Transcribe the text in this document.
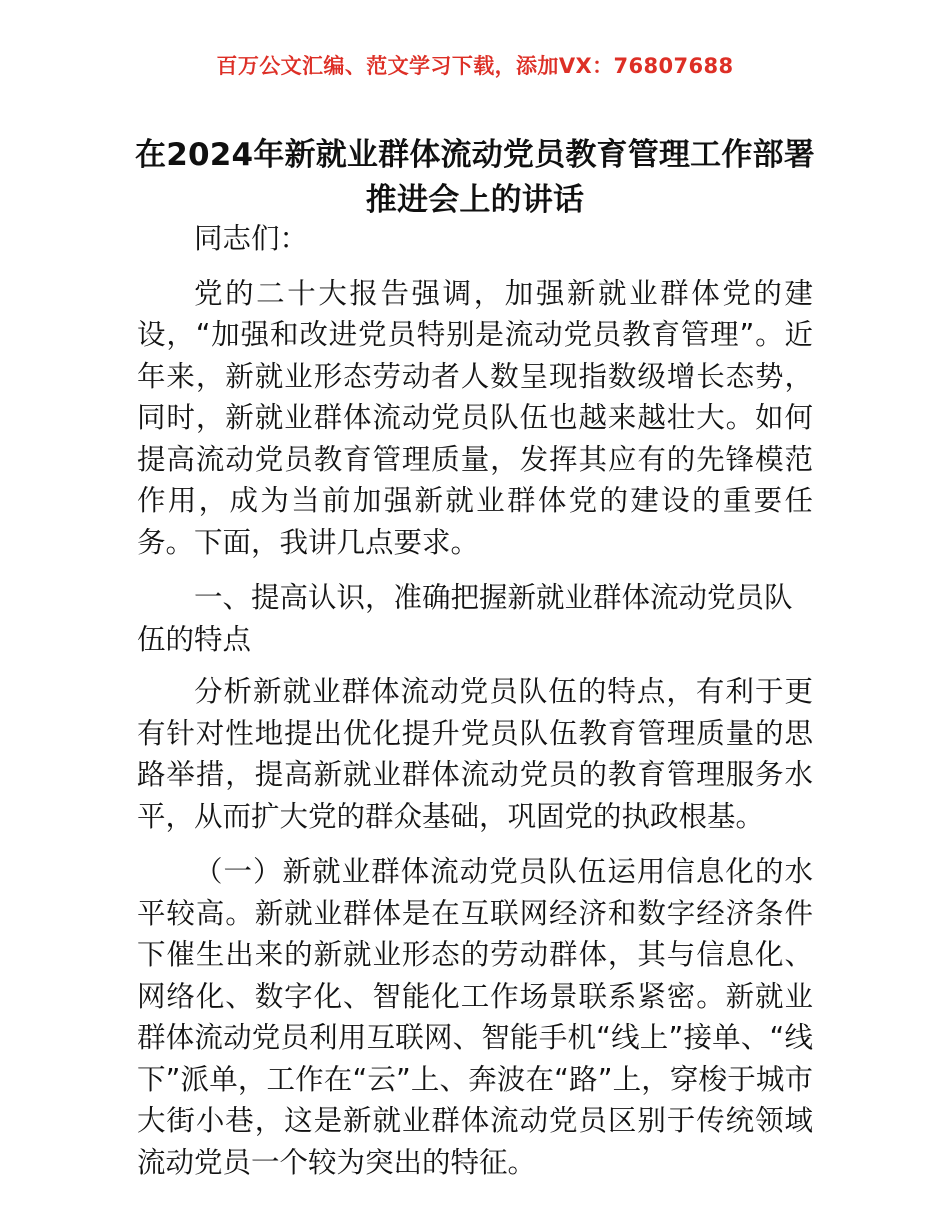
百万公文汇编、范文学习下载，添加VX：76807688
在2024年新就业群体流动党员教育管理工作部署推进会上的讲话

同志们：

党的二十大报告强调，加强新就业群体党的建设，“加强和改进党员特别是流动党员教育管理”。近年来，新就业形态劳动者人数呈现指数级增长态势，同时，新就业群体流动党员队伍也越来越壮大。如何提高流动党员教育管理质量，发挥其应有的先锋模范作用，成为当前加强新就业群体党的建设的重要任务。下面，我讲几点要求。

一、提高认识，准确把握新就业群体流动党员队伍的特点

分析新就业群体流动党员队伍的特点，有利于更有针对性地提出优化提升党员队伍教育管理质量的思路举措，提高新就业群体流动党员的教育管理服务水平，从而扩大党的群众基础，巩固党的执政根基。

（一）新就业群体流动党员队伍运用信息化的水平较高。新就业群体是在互联网经济和数字经济条件下催生出来的新就业形态的劳动群体，其与信息化、网络化、数字化、智能化工作场景联系紧密。新就业群体流动党员利用互联网、智能手机“线上”接单、“线下”派单，工作在“云”上、奔波在“路”上，穿梭于城市大街小巷，这是新就业群体流动党员区别于传统领域流动党员一个较为突出的特征。
